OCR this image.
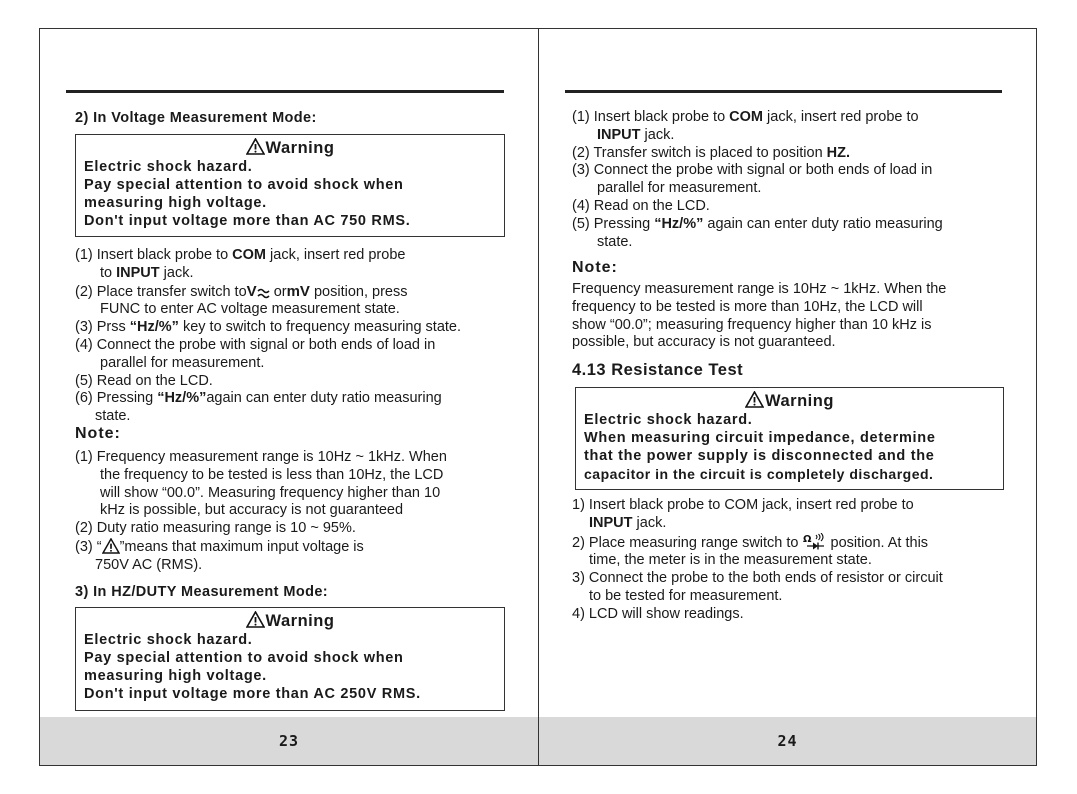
2) In Voltage Measurement Mode:
Warning
Electric shock hazard.
Pay special attention to avoid shock when
measuring high voltage.
Don't input voltage more than AC 750 RMS.

(1) Insert black probe to COM jack, insert red probe

to INPUT jack.

(2) Place transfer switch toV ormV position, press

FUNC to enter AC voltage measurement state.

(3) Prss “Hz/%” key to switch to frequency measuring state.

(4) Connect the probe with signal or both ends of load in

parallel for measurement.

(5) Read on the LCD.

(6) Pressing “Hz/%”again can enter duty ratio measuring

state.

Note:

(1) Frequency measurement range is 10Hz ~ 1kHz. When

the frequency to be tested is less than 10Hz, the LCD

will show “00.0”. Measuring frequency higher than 10

kHz is possible, but accuracy is not guaranteed

(2) Duty ratio measuring range is 10 ~ 95%.

(3) “ ”means that maximum input voltage is

750V AC (RMS).

3) In HZ/DUTY Measurement Mode:
Warning
Electric shock hazard.
Pay special attention to avoid shock when
measuring high voltage.
Don't input voltage more than AC 250V RMS.
23

(1) Insert black probe to COM jack, insert red probe to

INPUT jack.

(2) Transfer switch is placed to position HZ.

(3) Connect the probe with signal or both ends of load in

parallel for measurement.

(4) Read on the LCD.

(5) Pressing “Hz/%” again can enter duty ratio measuring

state.

Note:

Frequency measurement range is 10Hz ~ 1kHz. When the

frequency to be tested is more than 10Hz, the LCD will

show “00.0”; measuring frequency higher than 10 kHz is

possible, but accuracy is not guaranteed.

4.13 Resistance Test
Warning
Electric shock hazard.
When measuring circuit impedance, determine
that the power supply is disconnected and the
capacitor in the circuit is completely discharged.

1) Insert black probe to COM jack, insert red probe to

INPUT jack.

2) Place measuring range switch to Ω position. At this

time, the meter is in the measurement state.

3) Connect the probe to the both ends of resistor or circuit

to be tested for measurement.

4) LCD will show readings.

24
